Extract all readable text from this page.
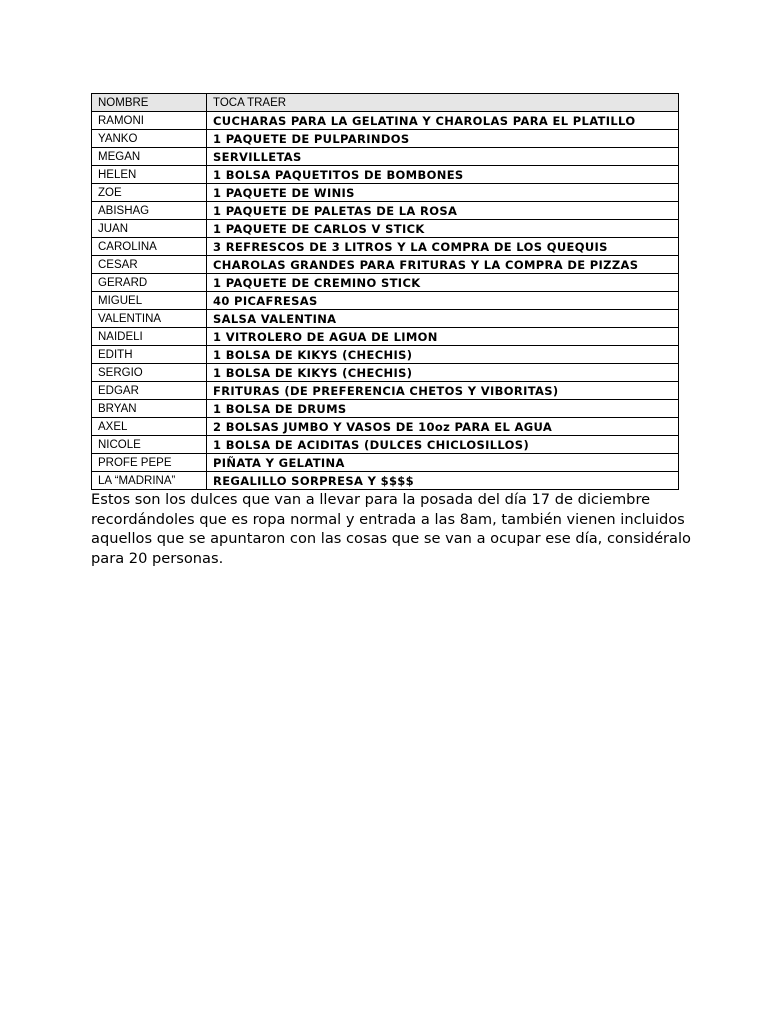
NOMBRE	TOCA TRAER
RAMONI	CUCHARAS PARA LA GELATINA Y CHAROLAS PARA EL PLATILLO
YANKO	1 PAQUETE DE PULPARINDOS
MEGAN	SERVILLETAS
HELEN	1 BOLSA PAQUETITOS DE BOMBONES
ZOE	1 PAQUETE DE WINIS
ABISHAG	1 PAQUETE DE PALETAS DE LA ROSA
JUAN	1 PAQUETE DE CARLOS V STICK
CAROLINA	3 REFRESCOS DE 3 LITROS Y LA COMPRA DE LOS QUEQUIS
CESAR	CHAROLAS GRANDES PARA FRITURAS Y LA COMPRA DE PIZZAS
GERARD	1 PAQUETE DE CREMINO STICK
MIGUEL	40 PICAFRESAS
VALENTINA	SALSA VALENTINA
NAIDELI	1 VITROLERO DE AGUA DE LIMON
EDITH	1 BOLSA DE KIKYS (CHECHIS)
SERGIO	1 BOLSA DE KIKYS (CHECHIS)
EDGAR	FRITURAS (DE PREFERENCIA CHETOS Y VIBORITAS)
BRYAN	1 BOLSA DE DRUMS
AXEL	2 BOLSAS JUMBO Y VASOS DE 10oz PARA EL AGUA
NICOLE	1 BOLSA DE ACIDITAS (DULCES CHICLOSILLOS)
PROFE PEPE	PIÑATA Y GELATINA
LA “MADRINA”	REGALILLO SORPRESA Y $$$$

Estos son los dulces que van a llevar para la posada del día 17 de diciembre recordándoles que es ropa normal y entrada a las 8am, también vienen incluidos aquellos que se apuntaron con las cosas que se van a ocupar ese día, considéralo para 20 personas.
